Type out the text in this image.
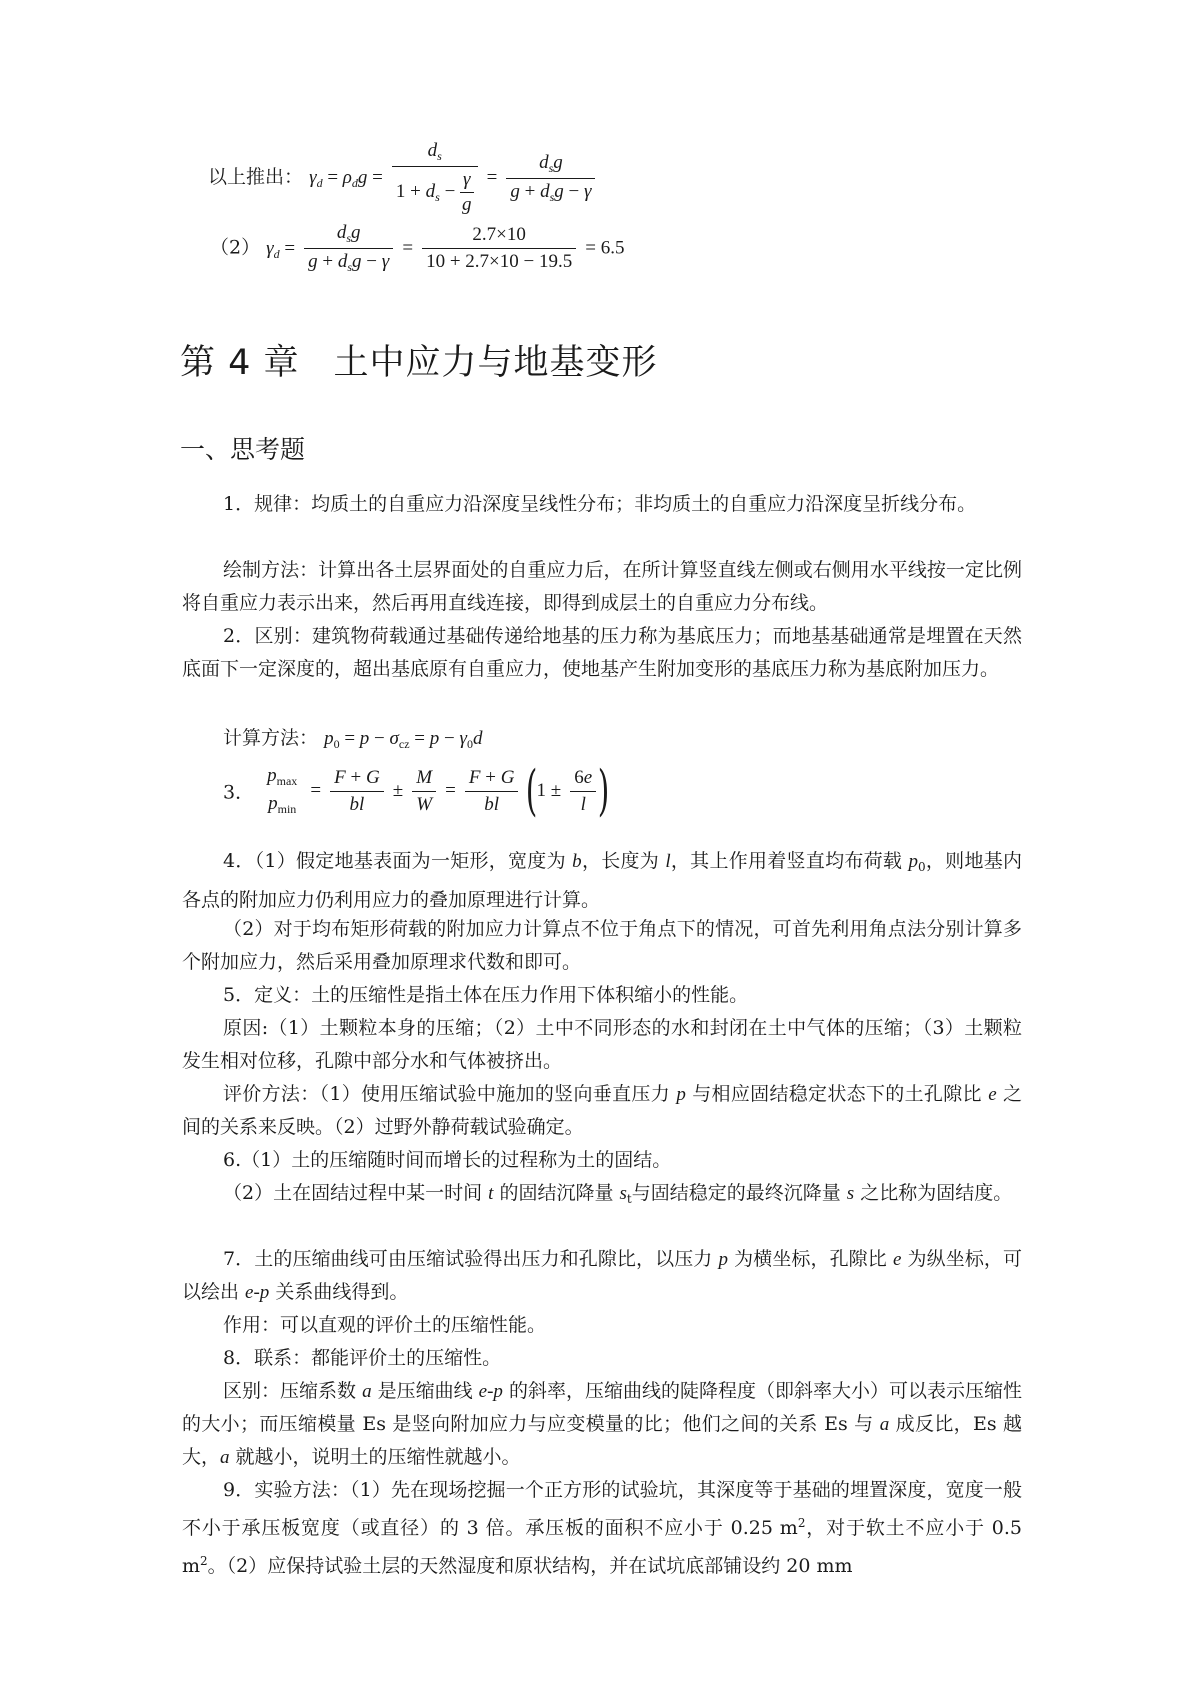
以上推出： $\gamma_d = \rho_dg = \frac{d_s}{1 + d_s - \frac{\gamma}{g}} = \frac{d_sg}{g + d_sg - \gamma}$
（2） $\gamma_d = \frac{d_sg}{g + d_sg - \gamma} = \frac{2.7\times 10}{10 + 2.7\times 10 - 19.5} = 6.5$
第 4 章 土中应力与地基变形
一、思考题
1．规律：均质土的自重应力沿深度呈线性分布；非均质土的自重应力沿深度呈折线分布。
绘制方法：计算出各土层界面处的自重应力后，在所计算竖直线左侧或右侧用水平线按一定比例将自重应力表示出来，然后再用直线连接，即得到成层土的自重应力分布线。
2．区别：建筑物荷载通过基础传递给地基的压力称为基底压力；而地基基础通常是埋置在天然底面下一定深度的，超出基底原有自重应力，使地基产生附加变形的基底压力称为基底附加压力。
计算方法： $p_0 = p - \sigma_{cz} = p - \gamma_0d$
3．
$p_{max}$
$p_{min}$
= $\frac{F + G}{bl} \pm \frac{M}{W} = \frac{F + G}{bl} (1 \pm \frac{6e}{l}$ )
4．（1）假定地基表面为一矩形，宽度为 b，长度为 l，其上作用着竖直均布荷载 $p_0$，则地基内各点的附加应力仍利用应力的叠加原理进行计算。
（2）对于均布矩形荷载的附加应力计算点不位于角点下的情况，可首先利用角点法分别计算多个附加应力，然后采用叠加原理求代数和即可。
5．定义：土的压缩性是指土体在压力作用下体积缩小的性能。
原因:（1）土颗粒本身的压缩；（2）土中不同形态的水和封闭在土中气体的压缩；（3）土颗粒发生相对位移，孔隙中部分水和气体被挤出。
评价方法：（1）使用压缩试验中施加的竖向垂直压力 p 与相应固结稳定状态下的土孔隙比 e 之间的关系来反映。（2）过野外静荷载试验确定。
6.（1）土的压缩随时间而增长的过程称为土的固结。
（2）土在固结过程中某一时间 t 的固结沉降量 $s_t$与固结稳定的最终沉降量 s 之比称为固结度。
7．土的压缩曲线可由压缩试验得出压力和孔隙比，以压力 p 为横坐标，孔隙比 e 为纵坐标，可以绘出 e-p 关系曲线得到。
作用：可以直观的评价土的压缩性能。
8．联系：都能评价土的压缩性。
区别：压缩系数 a 是压缩曲线 e-p 的斜率，压缩曲线的陡降程度（即斜率大小）可以表示压缩性的大小；而压缩模量 Es 是竖向附加应力与应变模量的比；他们之间的关系 Es 与 a 成反比，Es 越大，a 就越小，说明土的压缩性就越小。
9．实验方法：（1）先在现场挖掘一个正方形的试验坑，其深度等于基础的埋置深度，宽度一般不小于承压板宽度（或直径）的 3 倍。承压板的面积不应小于 0.25 $m^2$，对于软土不应小于 0.5 $m^2$。（2）应保持试验土层的天然湿度和原状结构，并在试坑底部铺设约 20 mm
